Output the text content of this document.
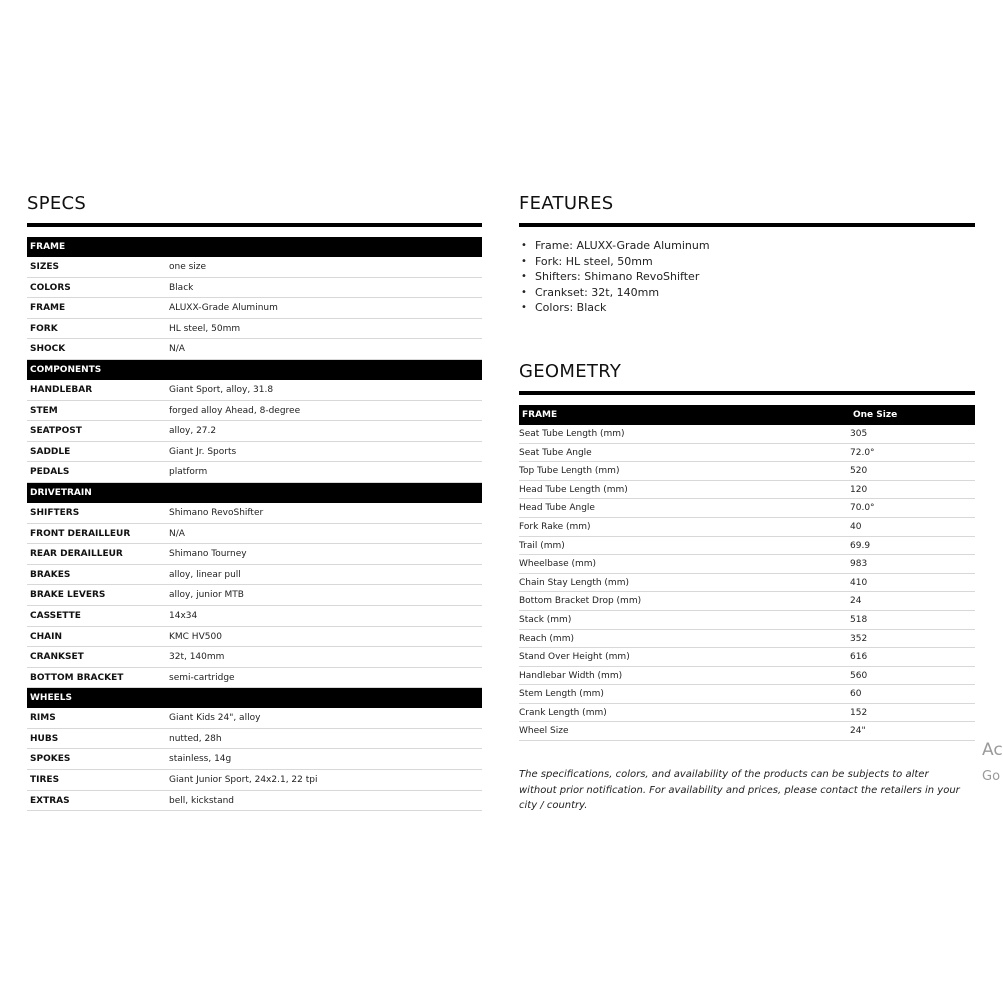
SPECS
FRAME
SIZES	one size
COLORS	Black
FRAME	ALUXX-Grade Aluminum
FORK	HL steel, 50mm
SHOCK	N/A
COMPONENTS
HANDLEBAR	Giant Sport, alloy, 31.8
STEM	forged alloy Ahead, 8-degree
SEATPOST	alloy, 27.2
SADDLE	Giant Jr. Sports
PEDALS	platform
DRIVETRAIN
SHIFTERS	Shimano RevoShifter
FRONT DERAILLEUR	N/A
REAR DERAILLEUR	Shimano Tourney
BRAKES	alloy, linear pull
BRAKE LEVERS	alloy, junior MTB
CASSETTE	14x34
CHAIN	KMC HV500
CRANKSET	32t, 140mm
BOTTOM BRACKET	semi-cartridge
WHEELS
RIMS	Giant Kids 24", alloy
HUBS	nutted, 28h
SPOKES	stainless, 14g
TIRES	Giant Junior Sport, 24x2.1, 22 tpi
EXTRAS	bell, kickstand
FEATURES
• Frame: ALUXX-Grade Aluminum
• Fork: HL steel, 50mm
• Shifters: Shimano RevoShifter
• Crankset: 32t, 140mm
• Colors: Black
GEOMETRY
FRAME	One Size
Seat Tube Length (mm)	305
Seat Tube Angle	72.0°
Top Tube Length (mm)	520
Head Tube Length (mm)	120
Head Tube Angle	70.0°
Fork Rake (mm)	40
Trail (mm)	69.9
Wheelbase (mm)	983
Chain Stay Length (mm)	410
Bottom Bracket Drop (mm)	24
Stack (mm)	518
Reach (mm)	352
Stand Over Height (mm)	616
Handlebar Width (mm)	560
Stem Length (mm)	60
Crank Length (mm)	152
Wheel Size	24"
The specifications, colors, and availability of the products can be subjects to alter without prior notification. For availability and prices, please contact the retailers in your city / country.
Ac
Go
